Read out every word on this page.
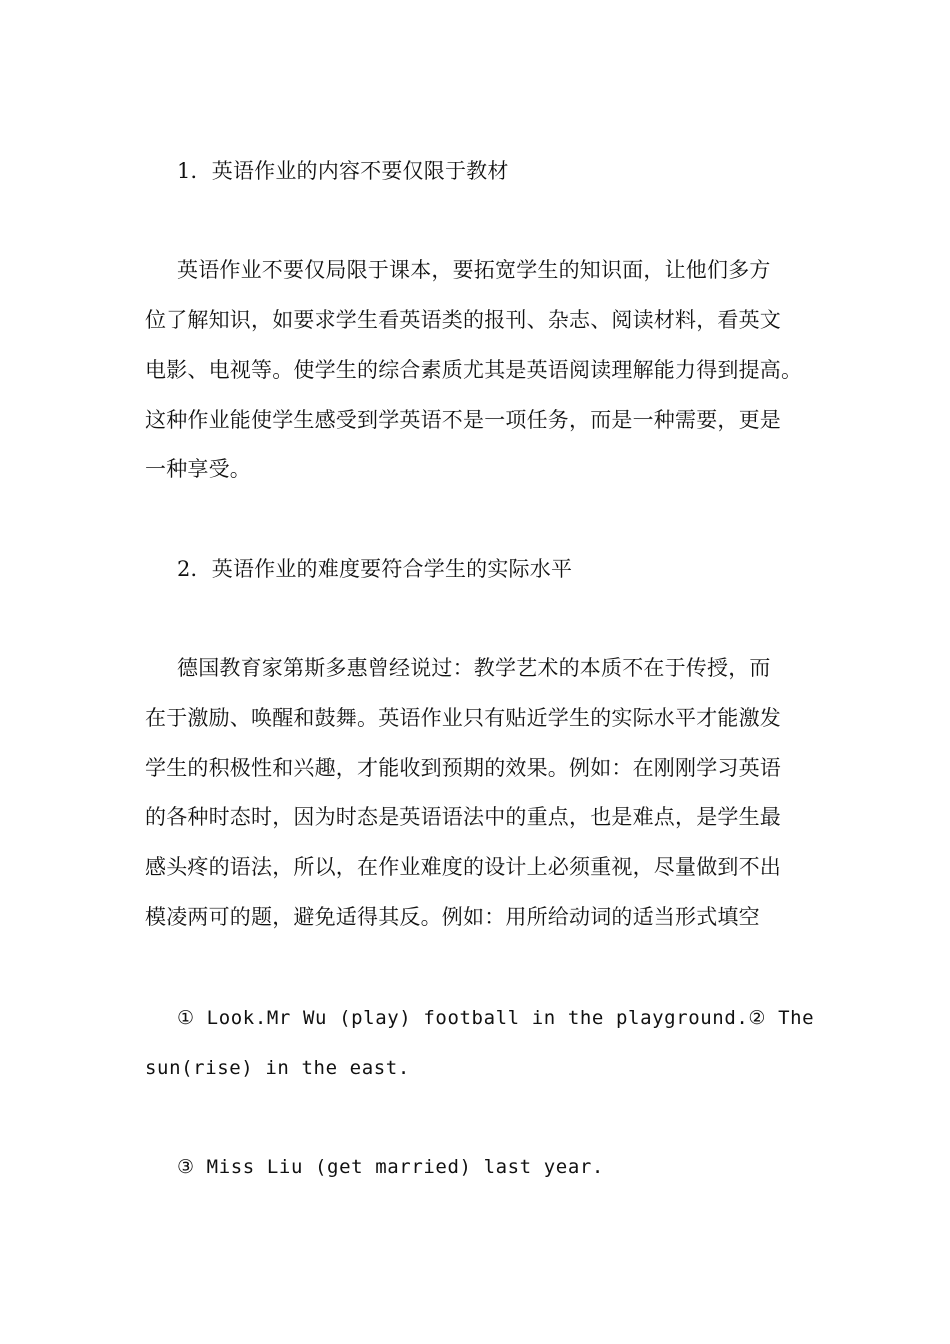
1．英语作业的内容不要仅限于教材
英语作业不要仅局限于课本，要拓宽学生的知识面，让他们多方
位了解知识，如要求学生看英语类的报刊、杂志、阅读材料，看英文
电影、电视等。使学生的综合素质尤其是英语阅读理解能力得到提高。
这种作业能使学生感受到学英语不是一项任务，而是一种需要，更是
一种享受。
2．英语作业的难度要符合学生的实际水平
德国教育家第斯多惠曾经说过：教学艺术的本质不在于传授，而
在于激励、唤醒和鼓舞。英语作业只有贴近学生的实际水平才能激发
学生的积极性和兴趣，才能收到预期的效果。例如：在刚刚学习英语
的各种时态时，因为时态是英语语法中的重点，也是难点，是学生最
感头疼的语法，所以，在作业难度的设计上必须重视，尽量做到不出
模凌两可的题，避免适得其反。例如：用所给动词的适当形式填空
① Look.Mr Wu (play) football in the playground.② The
sun(rise) in the east.
③ Miss Liu (get married) last year.
